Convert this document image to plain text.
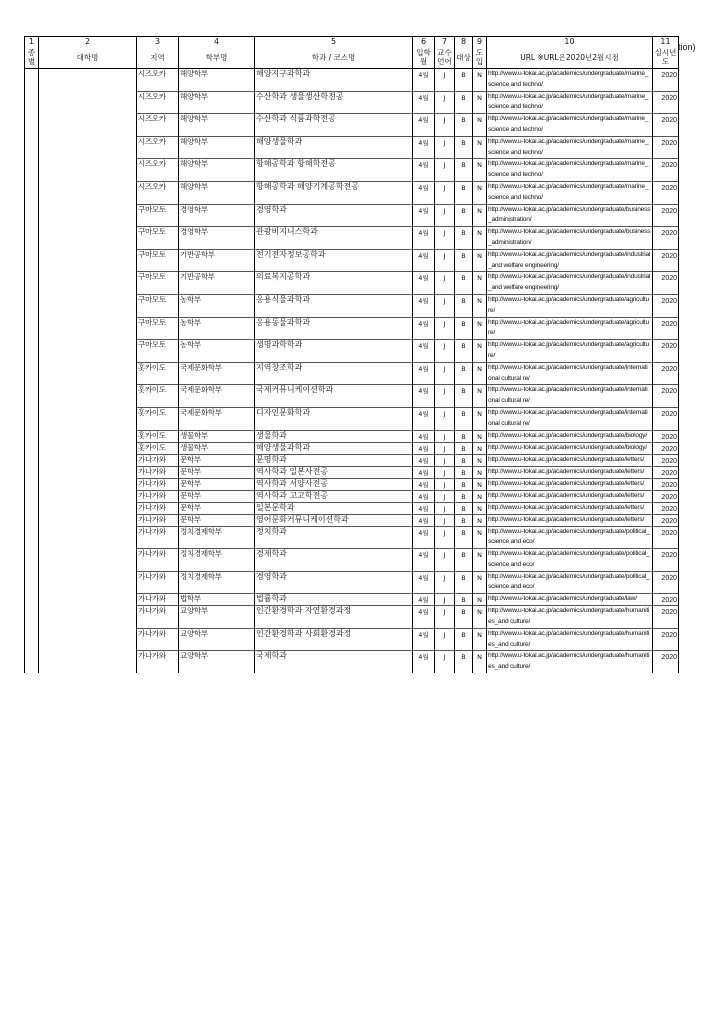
1	2	3	4	5	6	7	8	9	10	11
종별	대학명	지역	학부명	학과 / 코스명	입학월	교수언어	대상	도입	URL ※URL은2020년2월시점	실시년도
		시즈오카	해양학부	해양지구과학과	4월	J	B	N	http://www.u-tokai.ac.jp/academics/undergraduate/marine_science and techno/	2020
		시즈오카	해양학부	수산학과 생물생산학전공	4월	J	B	N	http://www.u-tokai.ac.jp/academics/undergraduate/marine_science and techno/	2020
		시즈오카	해양학부	수산학과 식품과학전공	4월	J	B	N	http://www.u-tokai.ac.jp/academics/undergraduate/marine_science and techno/	2020
		시즈오카	해양학부	해양생물학과	4월	J	B	N	http://www.u-tokai.ac.jp/academics/undergraduate/marine_science and techno/	2020
		시즈오카	해양학부	항해공학과 항해학전공	4월	J	B	N	http://www.u-tokai.ac.jp/academics/undergraduate/marine_science and techno/	2020
		시즈오카	해양학부	항해공학과 해양기계공학전공	4월	J	B	N	http://www.u-tokai.ac.jp/academics/undergraduate/marine_science and techno/	2020
		구마모토	경영학부	경영학과	4월	J	B	N	http://www.u-tokai.ac.jp/academics/undergraduate/business_administration/	2020
		구마모토	경영학부	관광비지니스학과	4월	J	B	N	http://www.u-tokai.ac.jp/academics/undergraduate/business_administration/	2020
		구마모토	기반공학부	전기전자정보공학과	4월	J	B	N	http://www.u-tokai.ac.jp/academics/undergraduate/industrial_and welfare engineering/	2020
		구마모토	기반공학부	의료복지공학과	4월	J	B	N	http://www.u-tokai.ac.jp/academics/undergraduate/industrial_and welfare engineering/	2020
		구마모토	농학부	응용식물과학과	4월	J	B	N	http://www.u-tokai.ac.jp/academics/undergraduate/agriculture/	2020
		구마모토	농학부	응용동물과학과	4월	J	B	N	http://www.u-tokai.ac.jp/academics/undergraduate/agriculture/	2020
		구마모토	농학부	생명과학학과	4월	J	B	N	http://www.u-tokai.ac.jp/academics/undergraduate/agriculture/	2020
		홋카이도	국제문화학부	지역창조학과	4월	J	B	N	http://www.u-tokai.ac.jp/academics/undergraduate/international cultural re/	2020
		홋카이도	국제문화학부	국제커뮤니케이션학과	4월	J	B	N	http://www.u-tokai.ac.jp/academics/undergraduate/international cultural re/	2020
		홋카이도	국제문화학부	디자인문화학과	4월	J	B	N	http://www.u-tokai.ac.jp/academics/undergraduate/international cultural re/	2020
		홋카이도	생물학부	생물학과	4월	J	B	N	http://www.u-tokai.ac.jp/academics/undergraduate/biology/	2020
		홋카이도	생물학부	해양생물과학과	4월	J	B	N	http://www.u-tokai.ac.jp/academics/undergraduate/biology/	2020
		가나가와	문학부	문명학과	4월	J	B	N	http://www.u-tokai.ac.jp/academics/undergraduate/letters/	2020
		가나가와	문학부	역사학과 일본사전공	4월	J	B	N	http://www.u-tokai.ac.jp/academics/undergraduate/letters/	2020
		가나가와	문학부	역사학과 서양사전공	4월	J	B	N	http://www.u-tokai.ac.jp/academics/undergraduate/letters/	2020
		가나가와	문학부	역사학과 고고학전공	4월	J	B	N	http://www.u-tokai.ac.jp/academics/undergraduate/letters/	2020
		가나가와	문학부	일본문학과	4월	J	B	N	http://www.u-tokai.ac.jp/academics/undergraduate/letters/	2020
		가나가와	문학부	영어문화커뮤니케이션학과	4월	J	B	N	http://www.u-tokai.ac.jp/academics/undergraduate/letters/	2020
		가나가와	정치경제학부	정치학과	4월	J	B	N	http://www.u-tokai.ac.jp/academics/undergraduate/political_science and eco/	2020
		가나가와	정치경제학부	경제학과	4월	J	B	N	http://www.u-tokai.ac.jp/academics/undergraduate/political_science and eco/	2020
		가나가와	정치경제학부	경영학과	4월	J	B	N	http://www.u-tokai.ac.jp/academics/undergraduate/political_science and eco/	2020
		가나가와	법학부	법률학과	4월	J	B	N	http://www.u-tokai.ac.jp/academics/undergraduate/law/	2020
		가나가와	교양학부	인간환경학과 자연환경과정	4월	J	B	N	http://www.u-tokai.ac.jp/academics/undergraduate/humanities_and culture/	2020
		가나가와	교양학부	인간환경학과 사회환경과정	4월	J	B	N	http://www.u-tokai.ac.jp/academics/undergraduate/humanities_and culture/	2020
		가나가와	교양학부	국제학과	4월	J	B	N	http://www.u-tokai.ac.jp/academics/undergraduate/humanities_and culture/	2020
tion)
